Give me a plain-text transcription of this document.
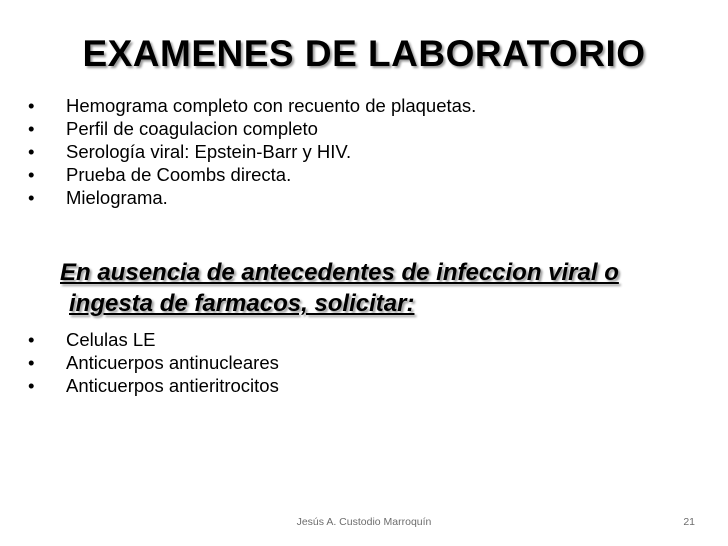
EXAMENES DE LABORATORIO
•	Hemograma completo con recuento de plaquetas.
•	Perfil de coagulacion completo
•	Serología viral: Epstein-Barr y HIV.
•	Prueba de Coombs directa.
•	Mielograma.
En ausencia de antecedentes de infeccion viral o
ingesta de farmacos, solicitar:
•	Celulas LE
•	Anticuerpos antinucleares
•	Anticuerpos antieritrocitos
Jesús A. Custodio Marroquín	21
